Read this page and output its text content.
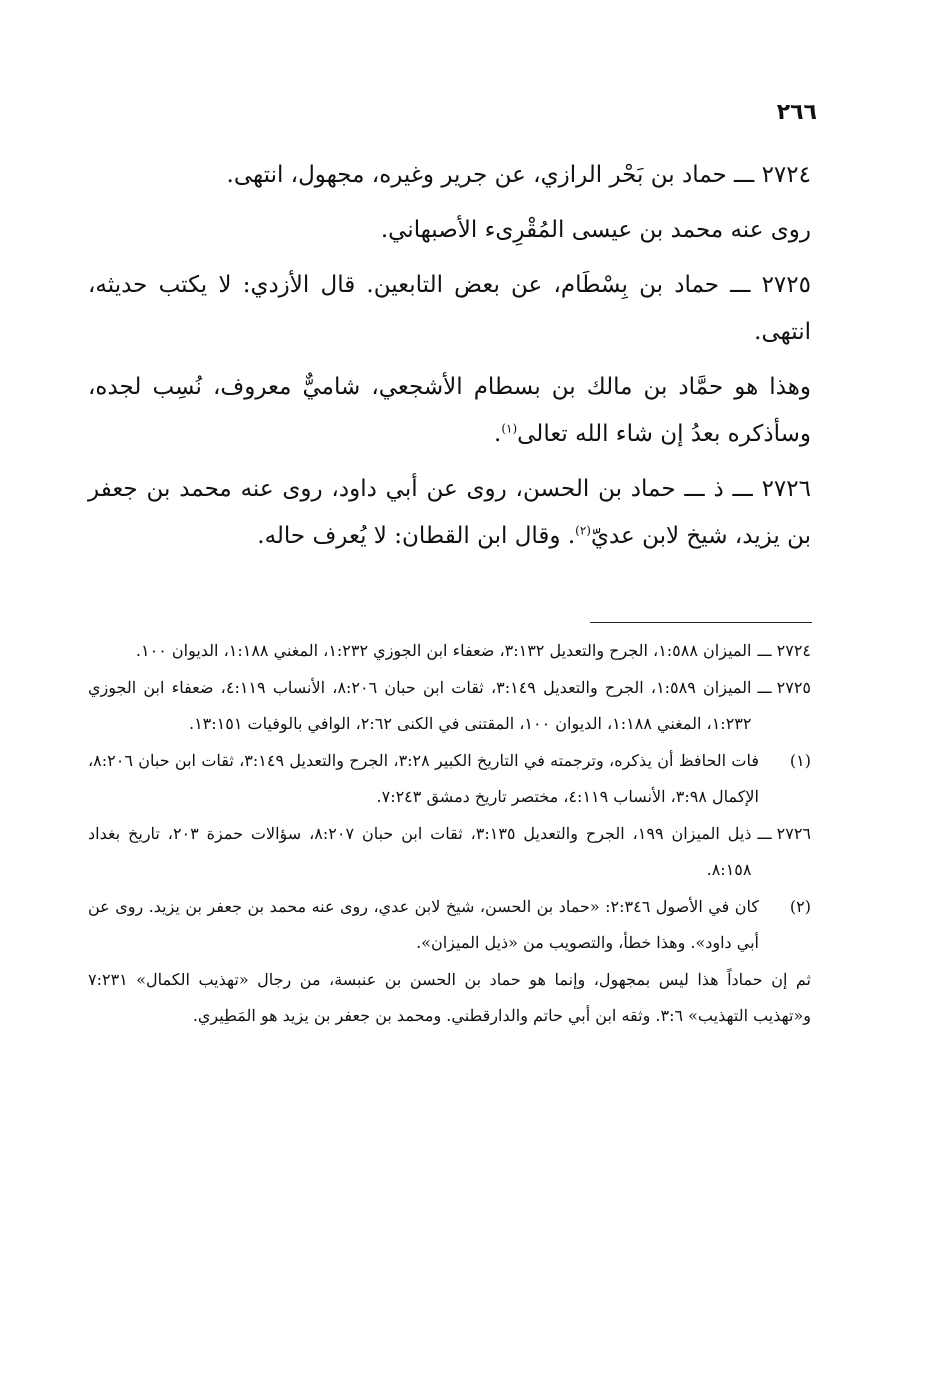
٢٦٦

٢٧٢٤ ـــ حماد بن بَحْر الرازي، عن جرير وغيره، مجهول، انتهى.

روى عنه محمد بن عيسى المُقْرِىء الأصبهاني.

٢٧٢٥ ـــ حماد بن بِسْطَام، عن بعض التابعين. قال الأزدي: لا يكتب حديثه، انتهى.

وهذا هو حمَّاد بن مالك بن بسطام الأشجعي، شاميٌّ معروف، نُسِب لجده، وسأذكره بعدُ إن شاء الله تعالى$^{(١)}$.

٢٧٢٦ ـــ ذ ـــ حماد بن الحسن، روى عن أبي داود، روى عنه محمد بن جعفر بن يزيد، شيخ لابن عديّ$^{(٢)}$. وقال ابن القطان: لا يُعرف حاله.

٢٧٢٤ ـــ
الميزان ١:٥٨٨، الجرح والتعديل ٣:١٣٢، ضعفاء ابن الجوزي ١:٢٣٢، المغني ١:١٨٨، الديوان ١٠٠.
٢٧٢٥ ـــ
الميزان ١:٥٨٩، الجرح والتعديل ٣:١٤٩، ثقات ابن حبان ٨:٢٠٦، الأنساب ٤:١١٩، ضعفاء ابن الجوزي ١:٢٣٢، المغني ١:١٨٨، الديوان ١٠٠، المقتنى في الكنى ٢:٦٢، الوافي بالوفيات ١٣:١٥١.
(١)
فات الحافظ أن يذكره، وترجمته في التاريخ الكبير ٣:٢٨، الجرح والتعديل ٣:١٤٩، ثقات ابن حبان ٨:٢٠٦، الإكمال ٣:٩٨، الأنساب ٤:١١٩، مختصر تاريخ دمشق ٧:٢٤٣.
٢٧٢٦ ـــ
ذيل الميزان ١٩٩، الجرح والتعديل ٣:١٣٥، ثقات ابن حبان ٨:٢٠٧، سؤالات حمزة ٢٠٣، تاريخ بغداد ٨:١٥٨.
(٢)
كان في الأصول ٢:٣٤٦: «حماد بن الحسن، شيخ لابن عدي، روى عنه محمد بن جعفر بن يزيد. روى عن أبي داود». وهذا خطأ، والتصويب من «ذيل الميزان».

ثم إن حماداً هذا ليس بمجهول، وإنما هو حماد بن الحسن بن عنبسة، من رجال «تهذيب الكمال» ٧:٢٣١ و«تهذيب التهذيب» ٣:٦. وثقه ابن أبي حاتم والدارقطني. ومحمد بن جعفر بن يزيد هو المَطِيري.
